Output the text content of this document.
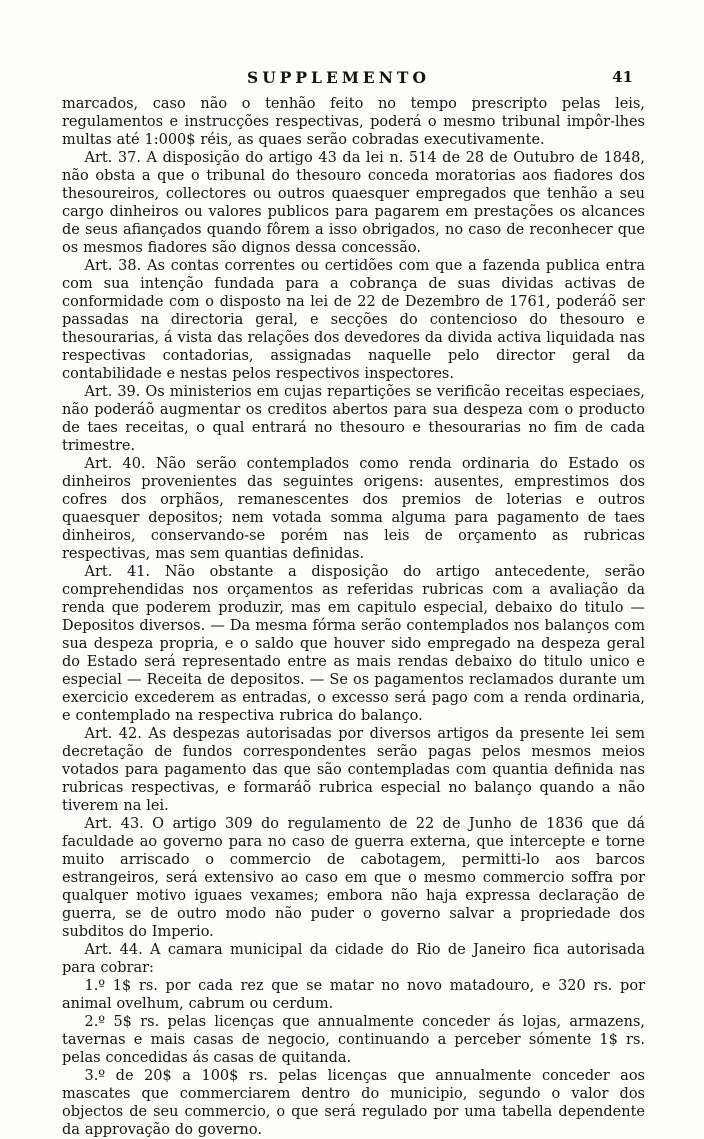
SUPPLEMENTO	41

marcados, caso não o tenhão feito no tempo prescripto pelas leis, regulamentos e instrucções respectivas, poderá o mesmo tribunal impôr-lhes multas até 1:000$ réis, as quaes serão cobradas executivamente.

Art. 37. A disposição do artigo 43 da lei n. 514 de 28 de Outubro de 1848, não obsta a que o tribunal do thesouro conceda moratorias aos fiadores dos thesoureiros, collectores ou outros quaesquer empregados que tenhão a seu cargo dinheiros ou valores publicos para pagarem em prestações os alcances de seus afiançados quando fôrem a isso obrigados, no caso de reconhecer que os mesmos fiadores são dignos dessa concessão.

Art. 38. As contas correntes ou certidões com que a fazenda publica entra com sua intenção fundada para a cobrança de suas dividas activas de conformidade com o disposto na lei de 22 de Dezembro de 1761, poderáõ ser passadas na directoria geral, e secções do contencioso do thesouro e thesourarias, á vista das relações dos devedores da divida activa liquidada nas respectivas contadorias, assignadas naquelle pelo director geral da contabilidade e nestas pelos respectivos inspectores.

Art. 39. Os ministerios em cujas repartições se verificão receitas especiaes, não poderáõ augmentar os creditos abertos para sua despeza com o producto de taes receitas, o qual entrará no thesouro e thesourarias no fim de cada trimestre.

Art. 40. Não serão contemplados como renda ordinaria do Estado os dinheiros provenientes das seguintes origens: ausentes, emprestimos dos cofres dos orphãos, remanescentes dos premios de loterias e outros quaesquer depositos; nem votada somma alguma para pagamento de taes dinheiros, conservando-se porém nas leis de orçamento as rubricas respectivas, mas sem quantias definidas.

Art. 41. Não obstante a disposição do artigo antecedente, serão comprehendidas nos orçamentos as referidas rubricas com a avaliação da renda que poderem produzir, mas em capitulo especial, debaixo do titulo — Depositos diversos. — Da mesma fórma serão contemplados nos balanços com sua despeza propria, e o saldo que houver sido empregado na despeza geral do Estado será representado entre as mais rendas debaixo do titulo unico e especial — Receita de depositos. — Se os pagamentos reclamados durante um exercicio excederem as entradas, o excesso será pago com a renda ordinaria, e contemplado na respectiva rubrica do balanço.

Art. 42. As despezas autorisadas por diversos artigos da presente lei sem decretação de fundos correspondentes serão pagas pelos mesmos meios votados para pagamento das que são contempladas com quantia definida nas rubricas respectivas, e formaráõ rubrica especial no balanço quando a não tiverem na lei.

Art. 43. O artigo 309 do regulamento de 22 de Junho de 1836 que dá faculdade ao governo para no caso de guerra externa, que intercepte e torne muito arriscado o commercio de cabotagem, permitti-lo aos barcos estrangeiros, será extensivo ao caso em que o mesmo commercio soffra por qualquer motivo iguaes vexames; embora não haja expressa declaração de guerra, se de outro modo não puder o governo salvar a propriedade dos subditos do Imperio.

Art. 44. A camara municipal da cidade do Rio de Janeiro fica autorisada para cobrar:

1.º 1$ rs. por cada rez que se matar no novo matadouro, e 320 rs. por animal ovelhum, cabrum ou cerdum.

2.º 5$ rs. pelas licenças que annualmente conceder ás lojas, armazens, tavernas e mais casas de negocio, continuando a perceber sómente 1$ rs. pelas concedidas ás casas de quitanda.

3.º de 20$ a 100$ rs. pelas licenças que annualmente conceder aos mascates que commerciarem dentro do municipio, segundo o valor dos objectos de seu commercio, o que será regulado por uma tabella dependente da approvação do governo.
